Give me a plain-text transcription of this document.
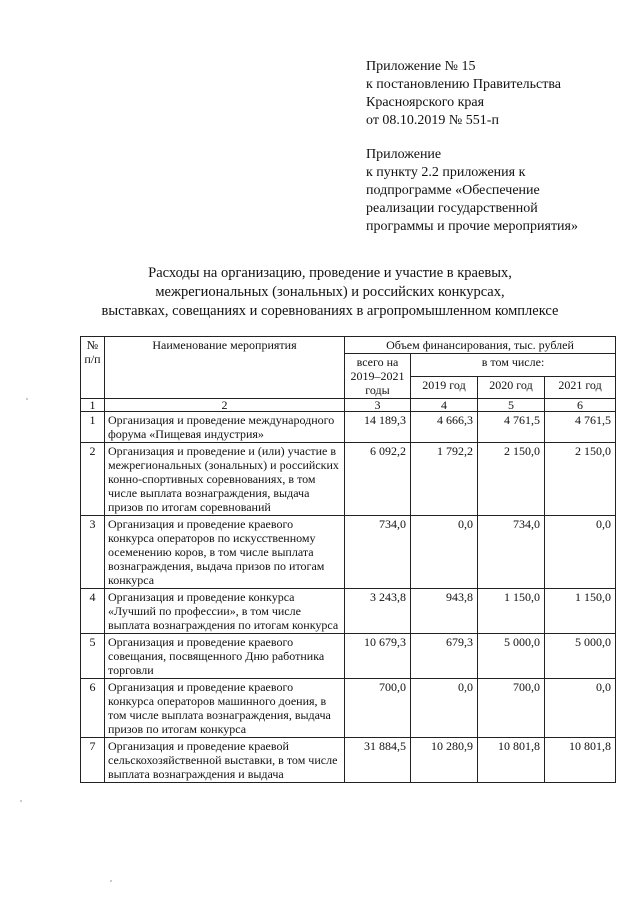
Приложение № 15
к постановлению Правительства
Красноярского края
от 08.10.2019 № 551-п
Приложение
к пункту 2.2 приложения к
подпрограмме «Обеспечение
реализации государственной
программы и прочие мероприятия»
Расходы на организацию, проведение и участие в краевых,
межрегиональных (зональных) и российских конкурсах,
выставках, совещаниях и соревнованиях в агропромышленном комплексе
№ п/п	Наименование мероприятия	Объем финансирования, тыс. рублей			
		всего на 2019–2021 годы	в том числе:		
			2019 год	2020 год	2021 год
1	2	3	4	5	6
1	Организация и проведение международного форума «Пищевая индустрия»	14 189,3	4 666,3	4 761,5	4 761,5
2	Организация и проведение и (или) участие в межрегиональных (зональных) и российских конно-спортивных соревнованиях, в том числе выплата вознаграждения, выдача призов по итогам соревнований	6 092,2	1 792,2	2 150,0	2 150,0
3	Организация и проведение краевого конкурса операторов по искусственному осеменению коров, в том числе выплата вознаграждения, выдача призов по итогам конкурса	734,0	0,0	734,0	0,0
4	Организация и проведение конкурса «Лучший по профессии», в том числе выплата вознаграждения по итогам конкурса	3 243,8	943,8	1 150,0	1 150,0
5	Организация и проведение краевого совещания, посвященного Дню работника торговли	10 679,3	679,3	5 000,0	5 000,0
6	Организация и проведение краевого конкурса операторов машинного доения, в том числе выплата вознаграждения, выдача призов по итогам конкурса	700,0	0,0	700,0	0,0
7	Организация и проведение краевой сельскохозяйственной выставки, в том числе выплата вознаграждения и выдача	31 884,5	10 280,9	10 801,8	10 801,8
